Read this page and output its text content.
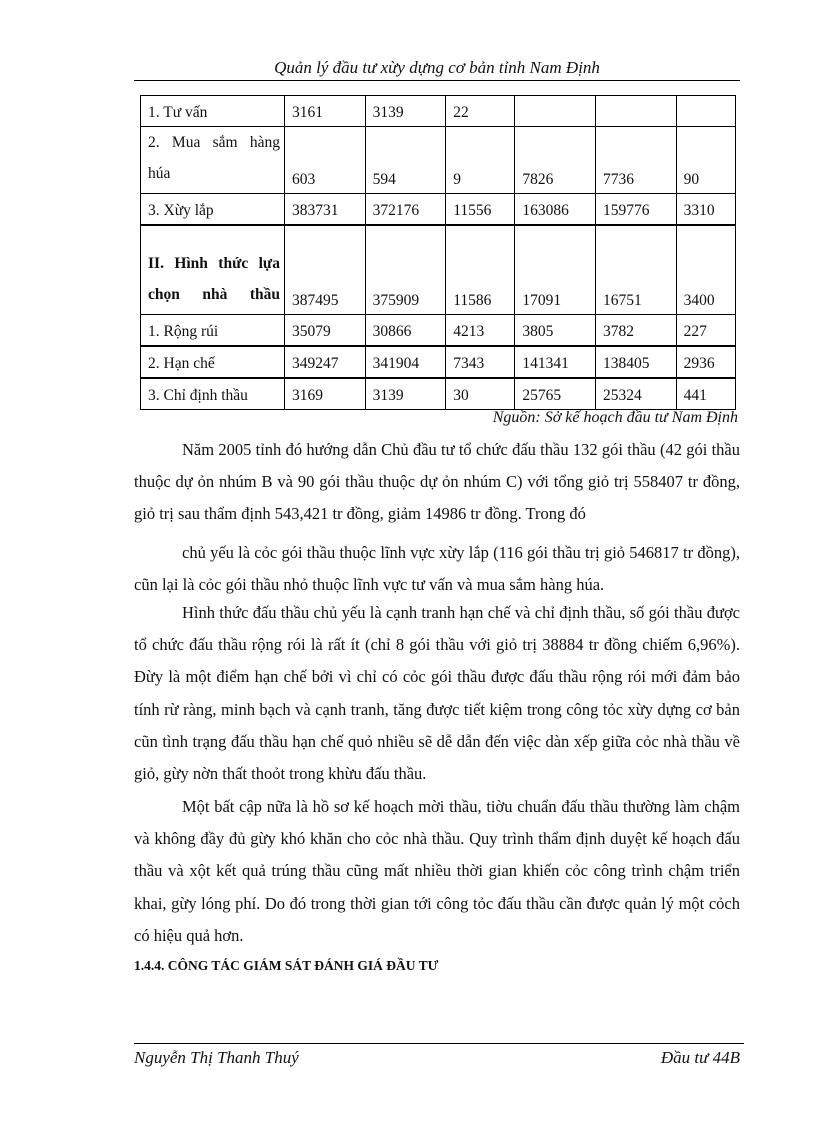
Quản lý đầu tư xừy dựng cơ bản tỉnh Nam Định
1. Tư vấn	3161	3139	22			

2. Mua sắm hàng húa	603	594	9	7826	7736	90
3. Xừy lắp	383731	372176	11556	163086	159776	3310

II. Hình thức lựa chọn nhà thầu	387495	375909	11586	17091	16751	3400
1. Rộng rúi	35079	30866	4213	3805	3782	227
2. Hạn chế	349247	341904	7343	141341	138405	2936
3. Chỉ định thầu	3169	3139	30	25765	25324	441
Nguồn: Sở kế hoạch đầu tư Nam Định

Năm 2005 tỉnh đó hướng dẫn Chủ đầu tư tổ chức đấu thầu 132 gói thầu (42 gói thầu thuộc dự ỏn nhúm B và 90 gói thầu thuộc dự ỏn nhúm C) với tổng giỏ trị 558407 tr đồng, giỏ trị sau thẩm định 543,421 tr đồng, giảm 14986 tr đồng. Trong đó

chủ yếu là cỏc gói thầu thuộc lĩnh vực xừy lắp (116 gói thầu trị giỏ 546817 tr đồng), cũn lại là cỏc gói thầu nhỏ thuộc lĩnh vực tư vấn và mua sắm hàng húa.

Hình thức đấu thầu chủ yếu là cạnh tranh hạn chế và chỉ định thầu, số gói thầu được tổ chức đấu thầu rộng rói là rất ít (chỉ 8 gói thầu với giỏ trị 38884 tr đồng chiếm 6,96%). Đừy là một điểm hạn chế bởi vì chỉ có cỏc gói thầu được đấu thầu rộng rói mới đảm bảo tính rừ ràng, minh bạch và cạnh tranh, tăng được tiết kiệm trong công tỏc xừy dựng cơ bản cũn tình trạng đấu thầu hạn chế quỏ nhiều sẽ dễ dẫn đến việc dàn xếp giữa cỏc nhà thầu về giỏ, gừy nờn thất thoỏt trong khừu đấu thầu.

Một bất cập nữa là hồ sơ kế hoạch mời thầu, tiờu chuẩn đấu thầu thường làm chậm và không đầy đủ gừy khó khăn cho cỏc nhà thầu. Quy trình thẩm định duyệt kế hoạch đấu thầu và xột kết quả trúng thầu cũng mất nhiều thời gian khiến cỏc công trình chậm triển khai, gừy lóng phí. Do đó trong thời gian tới công tỏc đấu thầu cần được quản lý một cỏch có hiệu quả hơn.

1.4.4. CÔNG TÁC GIÁM SÁT ĐÁNH GIÁ ĐẦU TƯ
Nguyễn Thị Thanh Thuý	Đầu tư 44B
